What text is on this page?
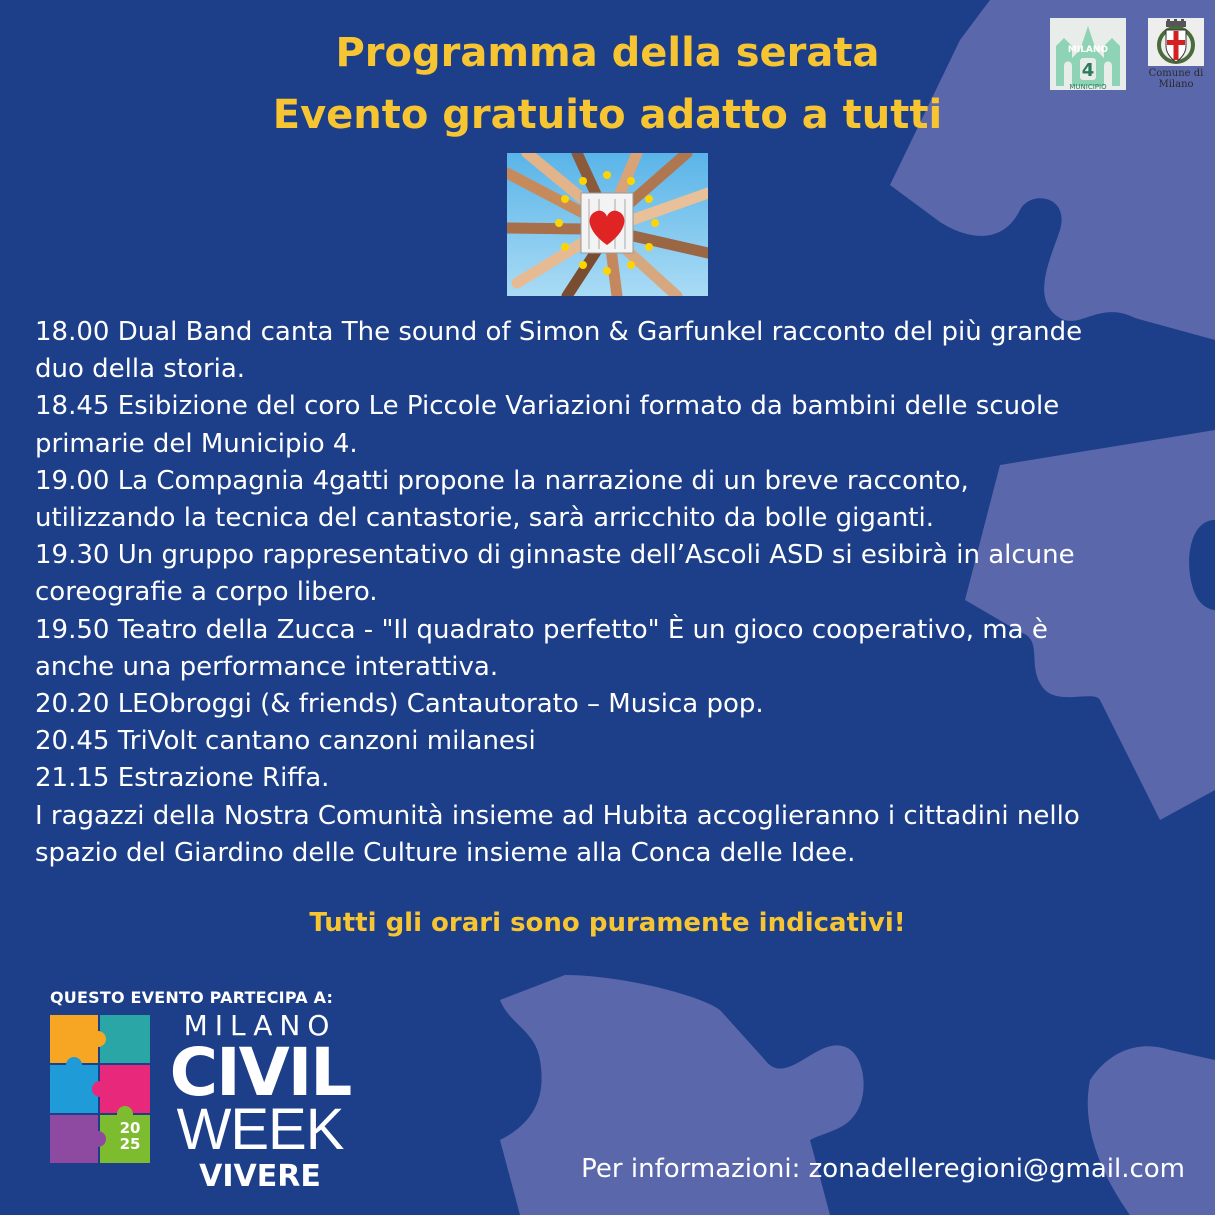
Programma della serata
Evento gratuito adatto a tutti
4
MILANO
MUNICIPIO
Comune di
Milano

18.00 Dual Band canta The sound of Simon & Garfunkel racconto del più grande

duo della storia.

18.45 Esibizione del coro Le Piccole Variazioni formato da bambini delle scuole

primarie del Municipio 4.

19.00 La Compagnia 4gatti propone la narrazione di un breve racconto,

utilizzando la tecnica del cantastorie, sarà arricchito da bolle giganti.

19.30 Un gruppo rappresentativo di ginnaste dell’Ascoli ASD si esibirà in alcune

coreografie a corpo libero.

19.50 Teatro della Zucca - "Il quadrato perfetto" È un gioco cooperativo, ma è

anche una performance interattiva.

20.20 LEObroggi (& friends) Cantautorato – Musica pop.

20.45 TriVolt cantano canzoni milanesi

21.15 Estrazione Riffa.

I ragazzi della Nostra Comunità insieme ad Hubita accoglieranno i cittadini nello

spazio del Giardino delle Culture insieme alla Conca delle Idee.

Tutti gli orari sono puramente indicativi!
QUESTO EVENTO PARTECIPA A:
20
25
MILANO
CIVIL
WEEK
VIVERE	Per informazioni: zonadelleregioni@gmail.com
